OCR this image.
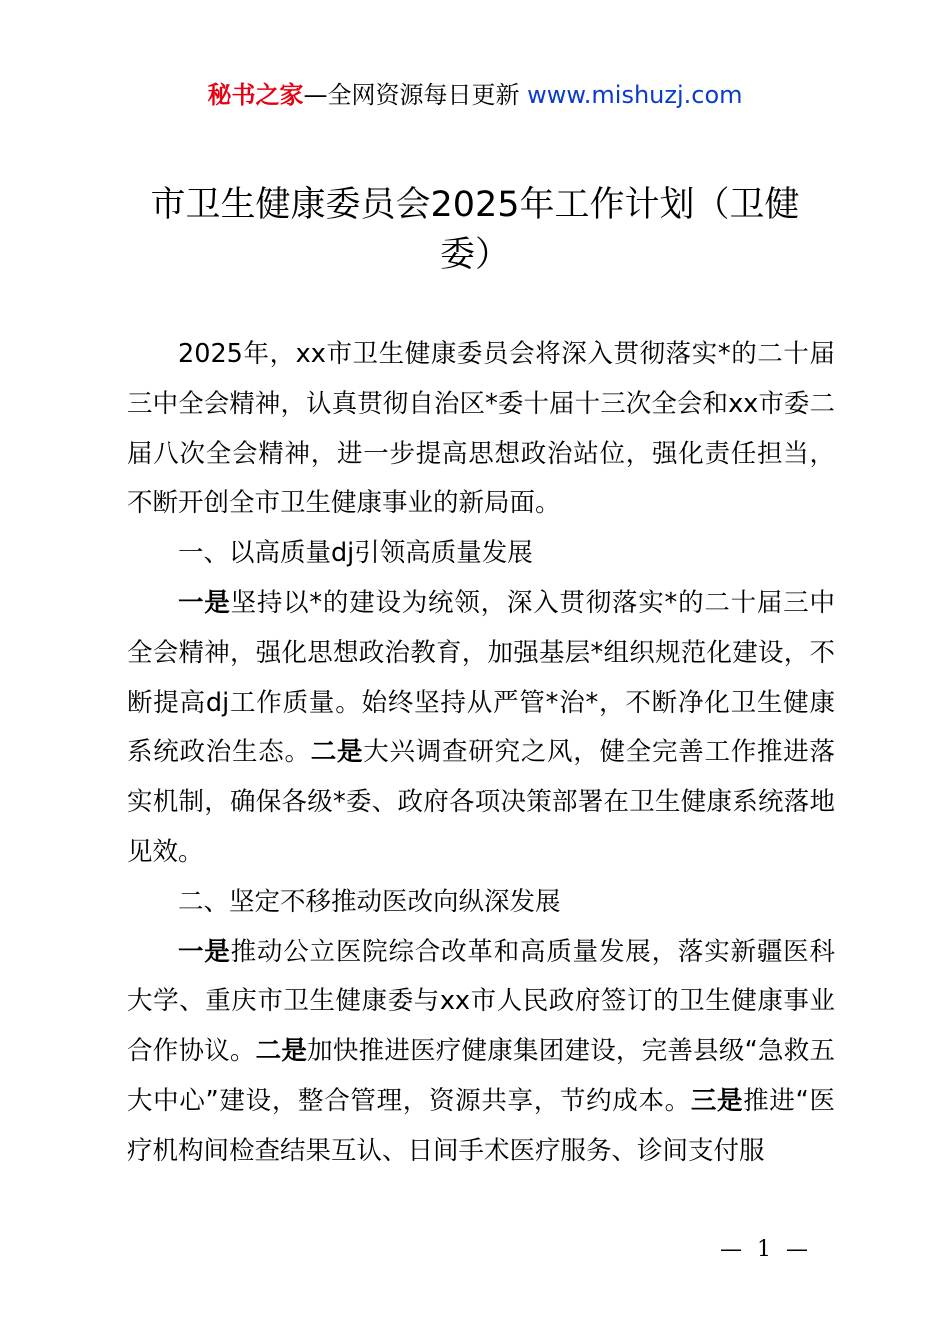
秘书之家—全网资源每日更新 www.mishuzj.com
市卫生健康委员会2025年工作计划（卫健委）

2025年，xx市卫生健康委员会将深入贯彻落实*的二十届三中全会精神，认真贯彻自治区*委十届十三次全会和xx市委二届八次全会精神，进一步提高思想政治站位，强化责任担当，不断开创全市卫生健康事业的新局面。

一、以高质量dj引领高质量发展

一是坚持以*的建设为统领，深入贯彻落实*的二十届三中全会精神，强化思想政治教育，加强基层*组织规范化建设，不断提高dj工作质量。始终坚持从严管*治*，不断净化卫生健康系统政治生态。二是大兴调查研究之风，健全完善工作推进落实机制，确保各级*委、政府各项决策部署在卫生健康系统落地见效。

二、坚定不移推动医改向纵深发展

一是推动公立医院综合改革和高质量发展，落实新疆医科大学、重庆市卫生健康委与xx市人民政府签订的卫生健康事业合作协议。二是加快推进医疗健康集团建设，完善县级“急救五大中心”建设，整合管理，资源共享，节约成本。三是推进“医疗机构间检查结果互认、日间手术医疗服务、诊间支付服

— 1 —
